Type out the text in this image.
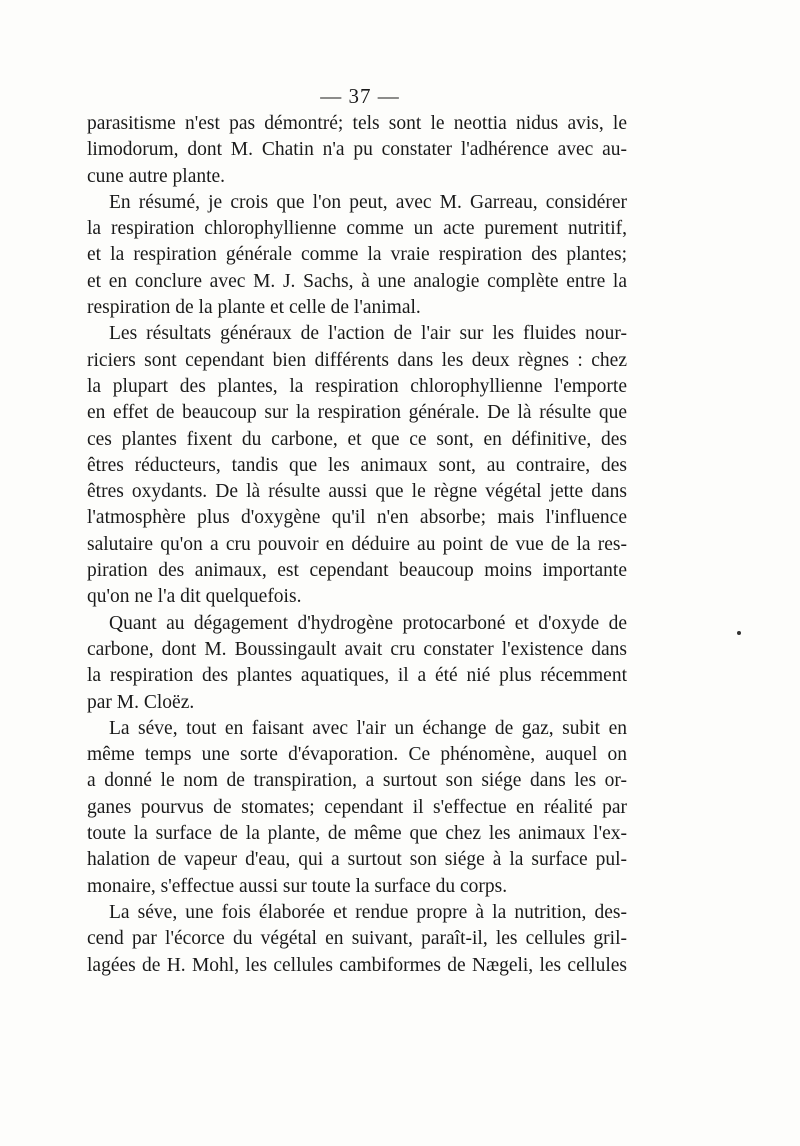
— 37 —
parasitisme n'est pas démontré; tels sont le neottia nidus avis, le
limodorum, dont M. Chatin n'a pu constater l'adhérence avec au-
cune autre plante.
En résumé, je crois que l'on peut, avec M. Garreau, considérer
la respiration chlorophyllienne comme un acte purement nutritif,
et la respiration générale comme la vraie respiration des plantes;
et en conclure avec M. J. Sachs, à une analogie complète entre la
respiration de la plante et celle de l'animal.
Les résultats généraux de l'action de l'air sur les fluides nour-
riciers sont cependant bien différents dans les deux règnes : chez
la plupart des plantes, la respiration chlorophyllienne l'emporte
en effet de beaucoup sur la respiration générale. De là résulte que
ces plantes fixent du carbone, et que ce sont, en définitive, des
êtres réducteurs, tandis que les animaux sont, au contraire, des
êtres oxydants. De là résulte aussi que le règne végétal jette dans
l'atmosphère plus d'oxygène qu'il n'en absorbe; mais l'influence
salutaire qu'on a cru pouvoir en déduire au point de vue de la res-
piration des animaux, est cependant beaucoup moins importante
qu'on ne l'a dit quelquefois.
Quant au dégagement d'hydrogène protocarboné et d'oxyde de
carbone, dont M. Boussingault avait cru constater l'existence dans
la respiration des plantes aquatiques, il a été nié plus récemment
par M. Cloëz.
La séve, tout en faisant avec l'air un échange de gaz, subit en
même temps une sorte d'évaporation. Ce phénomène, auquel on
a donné le nom de transpiration, a surtout son siége dans les or-
ganes pourvus de stomates; cependant il s'effectue en réalité par
toute la surface de la plante, de même que chez les animaux l'ex-
halation de vapeur d'eau, qui a surtout son siége à la surface pul-
monaire, s'effectue aussi sur toute la surface du corps.
La séve, une fois élaborée et rendue propre à la nutrition, des-
cend par l'écorce du végétal en suivant, paraît-il, les cellules gril-
lagées de H. Mohl, les cellules cambiformes de Nægeli, les cellules
